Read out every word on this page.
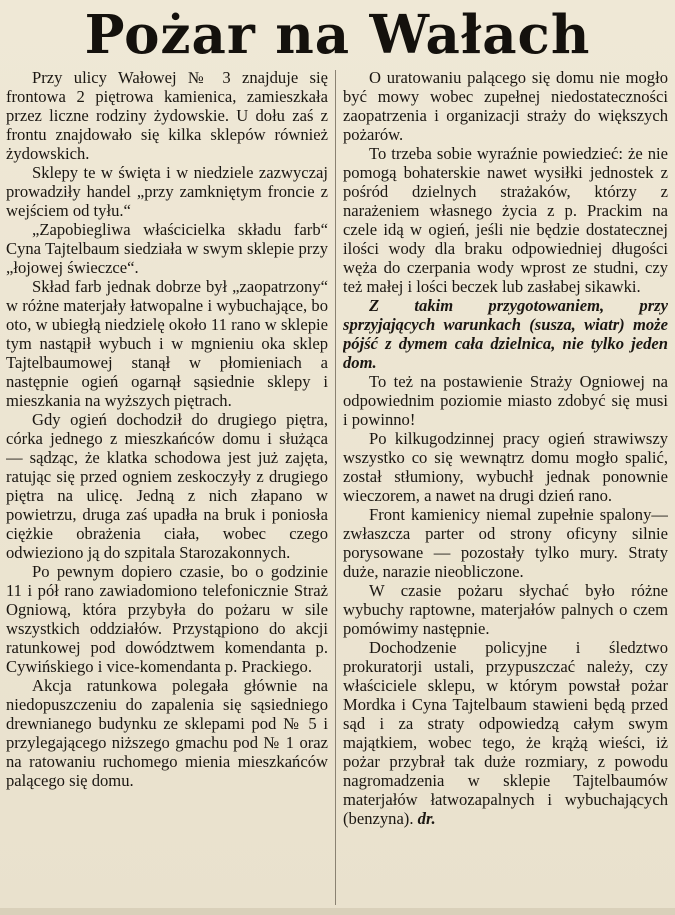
Pożar na Wałach

Przy ulicy Wałowej № 3 znajduje się frontowa 2 piętrowa kamienica, zamieszkała przez liczne rodziny żydowskie. U dołu zaś z frontu znajdowało się kilka sklepów również żydowskich.

Sklepy te w święta i w niedziele zazwyczaj prowadziły handel „przy zamkniętym froncie z wejściem od tyłu.“

„Zapobiegliwa właścicielka składu farb“ Cyna Tajtelbaum siedziała w swym sklepie przy „łojowej świeczce“.

Skład farb jednak dobrze był „zaopatrzony“ w różne materjały łatwopalne i wybuchające, bo oto, w ubiegłą niedzielę około 11 rano w sklepie tym nastąpił wybuch i w mgnieniu oka sklep Tajtelbaumowej stanął w płomieniach a następnie ogień ogarnął sąsiednie sklepy i mieszkania na wyższych piętrach.

Gdy ogień dochodził do drugiego piętra, córka jednego z mieszkańców domu i służąca — sądząc, że klatka schodowa jest już zajęta, ratując się przed ogniem zeskoczyły z drugiego piętra na ulicę. Jedną z nich złapano w powietrzu, druga zaś upadła na bruk i poniosła ciężkie obrażenia ciała, wobec czego odwieziono ją do szpitala Starozakonnych.

Po pewnym dopiero czasie, bo o godzinie 11 i pół rano zawiadomiono telefonicznie Straż Ogniową, która przybyła do pożaru w sile wszystkich oddziałów. Przystąpiono do akcji ratunkowej pod dowództwem komendanta p. Cywińskiego i vice-komendanta p. Prackiego.

Akcja ratunkowa polegała głównie na niedopuszczeniu do zapalenia się sąsiedniego drewnianego budynku ze sklepami pod № 5 i przylegającego niższego gmachu pod № 1 oraz na ratowaniu ruchomego mienia mieszkańców palącego się domu.

O uratowaniu palącego się domu nie mogło być mowy wobec zupełnej niedostateczności zaopatrzenia i organizacji straży do większych pożarów.

To trzeba sobie wyraźnie powiedzieć: że nie pomogą bohaterskie nawet wysiłki jednostek z pośród dzielnych strażaków, którzy z narażeniem własnego życia z p. Prackim na czele idą w ogień, jeśli nie będzie dostatecznej ilości wody dla braku odpowiedniej długości węża do czerpania wody wprost ze studni, czy też małej i lości beczek lub zasłabej sikawki.

Z takim przygotowaniem, przy sprzyjających warunkach (susza, wiatr) może pójść z dymem cała dzielnica, nie tylko jeden dom.

To też na postawienie Straży Ogniowej na odpowiednim poziomie miasto zdobyć się musi i powinno!

Po kilkugodzinnej pracy ogień strawiwszy wszystko co się wewnątrz domu mogło spalić, został stłumiony, wybuchł jednak ponownie wieczorem, a nawet na drugi dzień rano.

Front kamienicy niemal zupełnie spalony—zwłaszcza parter od strony oficyny silnie porysowane — pozostały tylko mury. Straty duże, narazie nieobliczone.

W czasie pożaru słychać było różne wybuchy raptowne, materjałów palnych o czem pomówimy następnie.

Dochodzenie policyjne i śledztwo prokuratorji ustali, przypuszczać należy, czy właściciele sklepu, w którym powstał pożar Mordka i Cyna Tajtelbaum stawieni będą przed sąd i za straty odpowiedzą całym swym majątkiem, wobec tego, że krążą wieści, iż pożar przybrał tak duże rozmiary, z powodu nagromadzenia w sklepie Tajtelbaumów materjałów łatwozapalnych i wybuchających (benzyna). dr.
